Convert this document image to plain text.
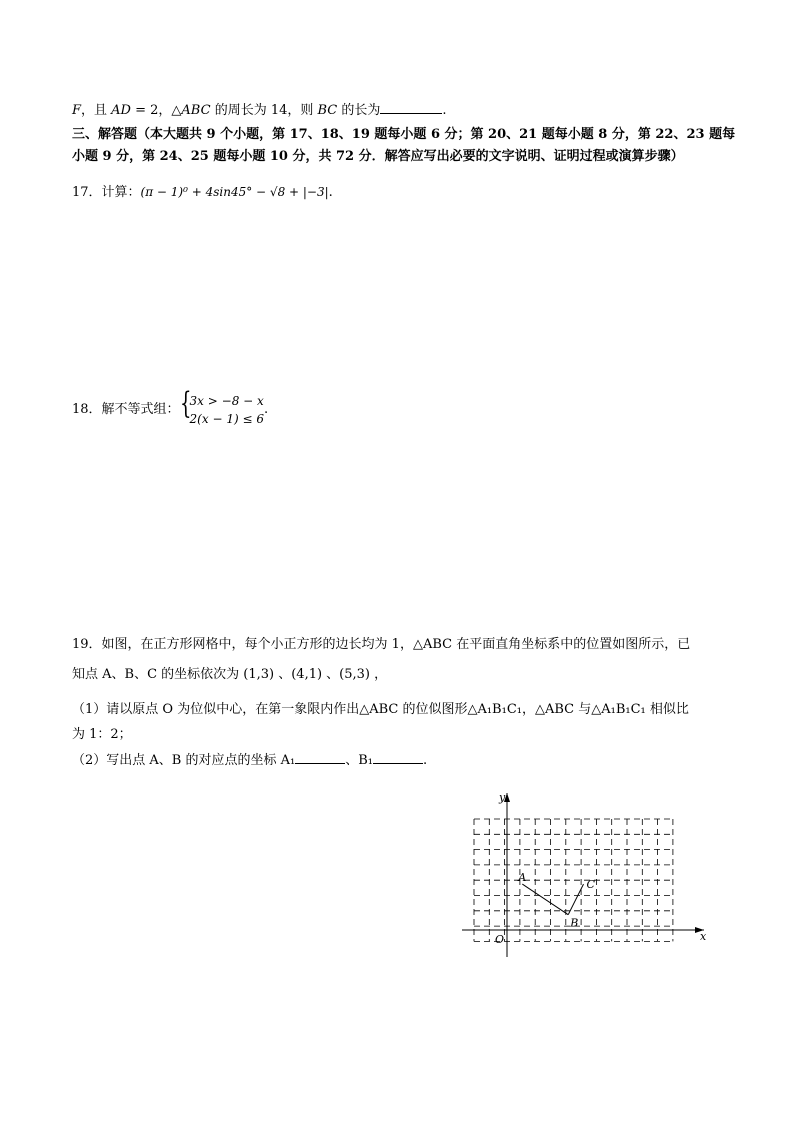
F，且 AD = 2，△ABC 的周长为 14，则 BC 的长为	.
三、解答题（本大题共 9 个小题，第 17、18、19 题每小题 6 分；第 20、21 题每小题 8 分，第 22、23 题每
小题 9 分，第 24、25 题每小题 10 分，共 72 分．解答应写出必要的文字说明、证明过程或演算步骤）
17．计算：(π − 1)⁰ + 4sin45° − √8 + |−3|.
18．解不等式组： {
3x > −8 − x
2(x − 1) ≤ 6
.
19．如图，在正方形网格中，每个小正方形的边长均为 1，△ABC 在平面直角坐标系中的位置如图所示，已
知点 A、B、C 的坐标依次为 (1,3) 、(4,1) 、(5,3) ，
（1）请以原点 O 为位似中心，在第一象限内作出△ABC 的位似图形△A₁B₁C₁，△ABC 与△A₁B₁C₁ 相似比
为 1：2；
（2）写出点 A、B 的对应点的坐标 A₁	、B₁	.
y
x
O
A
B
C
